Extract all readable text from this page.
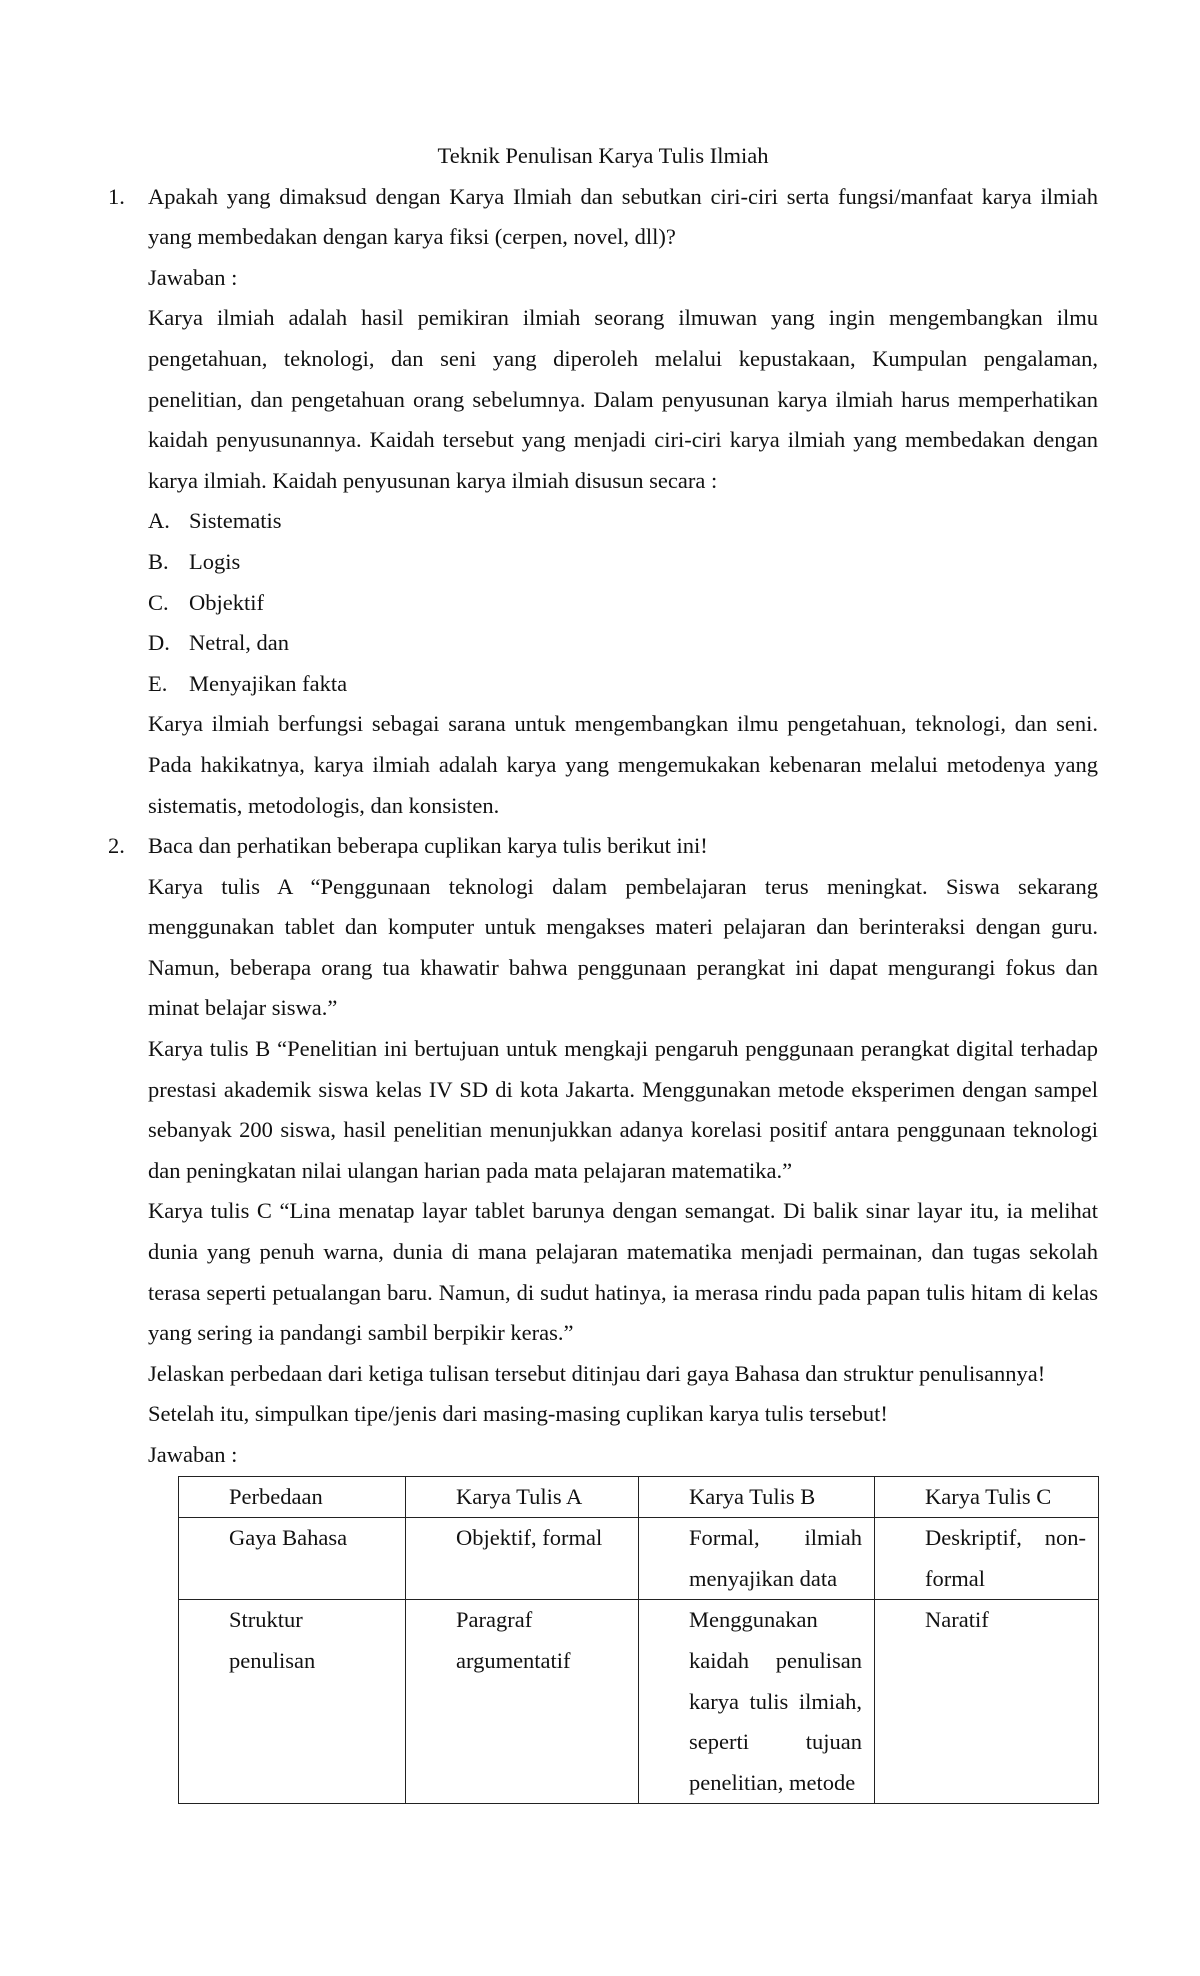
Teknik Penulisan Karya Tulis Ilmiah

1. Apakah yang dimaksud dengan Karya Ilmiah dan sebutkan ciri-ciri serta fungsi/manfaat karya ilmiah yang membedakan dengan karya fiksi (cerpen, novel, dll)?

Jawaban :

Karya ilmiah adalah hasil pemikiran ilmiah seorang ilmuwan yang ingin mengembangkan ilmu pengetahuan, teknologi, dan seni yang diperoleh melalui kepustakaan, Kumpulan pengalaman, penelitian, dan pengetahuan orang sebelumnya. Dalam penyusunan karya ilmiah harus memperhatikan kaidah penyusunannya. Kaidah tersebut yang menjadi ciri-ciri karya ilmiah yang membedakan dengan karya ilmiah. Kaidah penyusunan karya ilmiah disusun secara :

A. Sistematis
B. Logis
C. Objektif
D. Netral, dan
E. Menyajikan fakta

Karya ilmiah berfungsi sebagai sarana untuk mengembangkan ilmu pengetahuan, teknologi, dan seni. Pada hakikatnya, karya ilmiah adalah karya yang mengemukakan kebenaran melalui metodenya yang sistematis, metodologis, dan konsisten.

2. Baca dan perhatikan beberapa cuplikan karya tulis berikut ini!

Karya tulis A “Penggunaan teknologi dalam pembelajaran terus meningkat. Siswa sekarang menggunakan tablet dan komputer untuk mengakses materi pelajaran dan berinteraksi dengan guru. Namun, beberapa orang tua khawatir bahwa penggunaan perangkat ini dapat mengurangi fokus dan minat belajar siswa.”

Karya tulis B “Penelitian ini bertujuan untuk mengkaji pengaruh penggunaan perangkat digital terhadap prestasi akademik siswa kelas IV SD di kota Jakarta. Menggunakan metode eksperimen dengan sampel sebanyak 200 siswa, hasil penelitian menunjukkan adanya korelasi positif antara penggunaan teknologi dan peningkatan nilai ulangan harian pada mata pelajaran matematika.”

Karya tulis C “Lina menatap layar tablet barunya dengan semangat. Di balik sinar layar itu, ia melihat dunia yang penuh warna, dunia di mana pelajaran matematika menjadi permainan, dan tugas sekolah terasa seperti petualangan baru. Namun, di sudut hatinya, ia merasa rindu pada papan tulis hitam di kelas yang sering ia pandangi sambil berpikir keras.”

Jelaskan perbedaan dari ketiga tulisan tersebut ditinjau dari gaya Bahasa dan struktur penulisannya!

Setelah itu, simpulkan tipe/jenis dari masing-masing cuplikan karya tulis tersebut!

Jawaban :

Perbedaan	Karya Tulis A	Karya Tulis B	Karya Tulis C
Gaya Bahasa	Objektif, formal	Formal, ilmiah menyajikan data	Deskriptif, non-formal
Struktur penulisan	Paragraf argumentatif	Menggunakan kaidah penulisan karya tulis ilmiah, seperti tujuan penelitian, metode	Naratif
